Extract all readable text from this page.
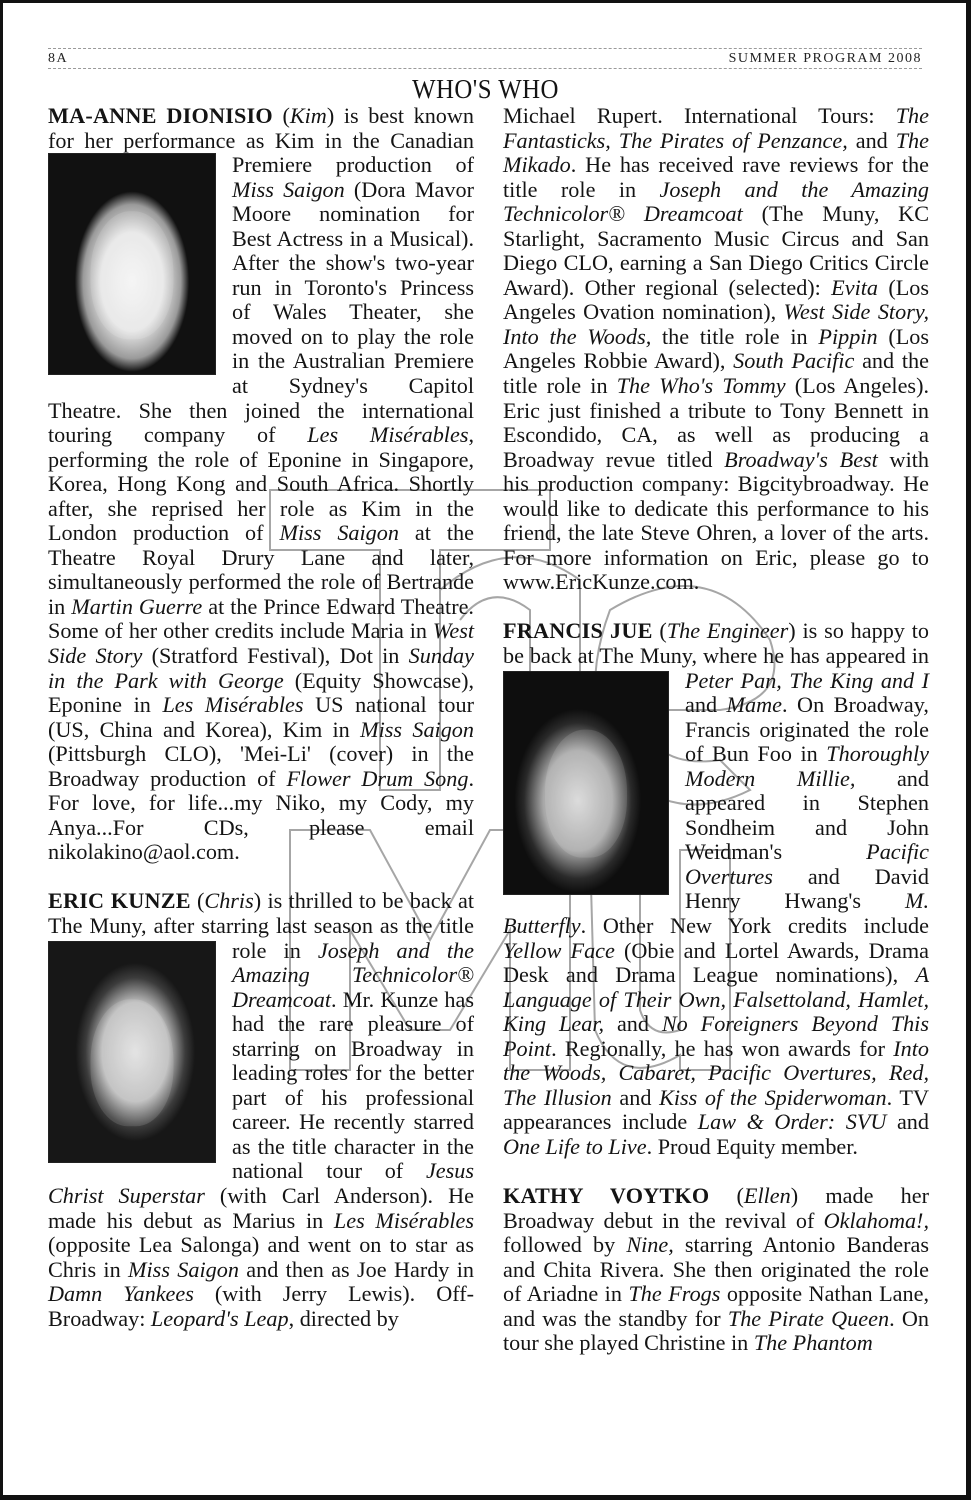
8A	SUMMER PROGRAM 2008
WHO'S WHO

MA-ANNE DIONISIO (Kim) is best known for her performance as Kim in the Canadian Premiere production of
Miss Saigon (Dora Mavor Moore nomination for Best Actress in a Musical). After the show's two-year run in Toronto's Princess of Wales Theater, she moved on to play the role in the Australian Premiere at Sydney's Capitol Theatre. She then joined the international touring company of Les Misérables, performing the role of Eponine in Singapore, Korea, Hong Kong and South Africa. Shortly after, she reprised her role as Kim in the London production of Miss Saigon at the Theatre Royal Drury Lane and later, simultaneously performed the role of Bertrande in Martin Guerre at the Prince Edward Theatre. Some of her other credits include Maria in West Side Story (Stratford Festival), Dot in Sunday in the Park with George (Equity Showcase), Eponine in Les Misérables US national tour (US, China and Korea), Kim in Miss Saigon (Pittsburgh CLO), 'Mei-Li' (cover) in the Broadway production of Flower Drum Song. For love, for life...my Niko, my Cody, my Anya...For CDs, please email nikolakino@aol.com.

ERIC KUNZE (Chris) is thrilled to be back at The Muny, after starring last season as the title role in
Joseph and the Amazing Technicolor® Dreamcoat. Mr. Kunze has had the rare pleasure of starring on Broadway in leading roles for the better part of his professional career. He recently starred as the title character in the national tour of Jesus Christ Superstar (with Carl Anderson). He made his debut as Marius in Les Misérables (opposite Lea Salonga) and went on to star as Chris in Miss Saigon and then as Joe Hardy in Damn Yankees (with Jerry Lewis). Off-Broadway: Leopard's Leap, directed by

Michael Rupert. International Tours: The Fantasticks, The Pirates of Penzance, and The Mikado. He has received rave reviews for the title role in Joseph and the Amazing Technicolor® Dreamcoat (The Muny, KC Starlight, Sacramento Music Circus and San Diego CLO, earning a San Diego Critics Circle Award). Other regional (selected): Evita (Los Angeles Ovation nomination), West Side Story, Into the Woods, the title role in Pippin (Los Angeles Robbie Award), South Pacific and the title role in The Who's Tommy (Los Angeles). Eric just finished a tribute to Tony Bennett in Escondido, CA, as well as producing a Broadway revue titled Broadway's Best with his production company: Bigcitybroadway. He would like to dedicate this performance to his friend, the late Steve Ohren, a lover of the arts. For more information on Eric, please go to www.EricKunze.com.

FRANCIS JUE (The Engineer) is so happy to be back at The Muny, where he has appeared in
Peter Pan, The King and I and Mame. On Broadway, Francis originated the role of Bun Foo in Thoroughly Modern Millie, and appeared in Stephen Sondheim and John Weidman's Pacific Overtures and David Henry Hwang's M. Butterfly. Other New York credits include Yellow Face (Obie and Lortel Awards, Drama Desk and Drama League nominations), A Language of Their Own, Falsettoland, Hamlet, King Lear, and No Foreigners Beyond This Point. Regionally, he has won awards for Into the Woods, Cabaret, Pacific Overtures, Red, The Illusion and Kiss of the Spiderwoman. TV appearances include Law & Order: SVU and One Life to Live. Proud Equity member.

KATHY VOYTKO (Ellen) made her Broadway debut in the revival of Oklahoma!, followed by Nine, starring Antonio Banderas and Chita Rivera. She then originated the role of Ariadne in The Frogs opposite Nathan Lane, and was the standby for The Pirate Queen. On tour she played Christine in The Phantom
